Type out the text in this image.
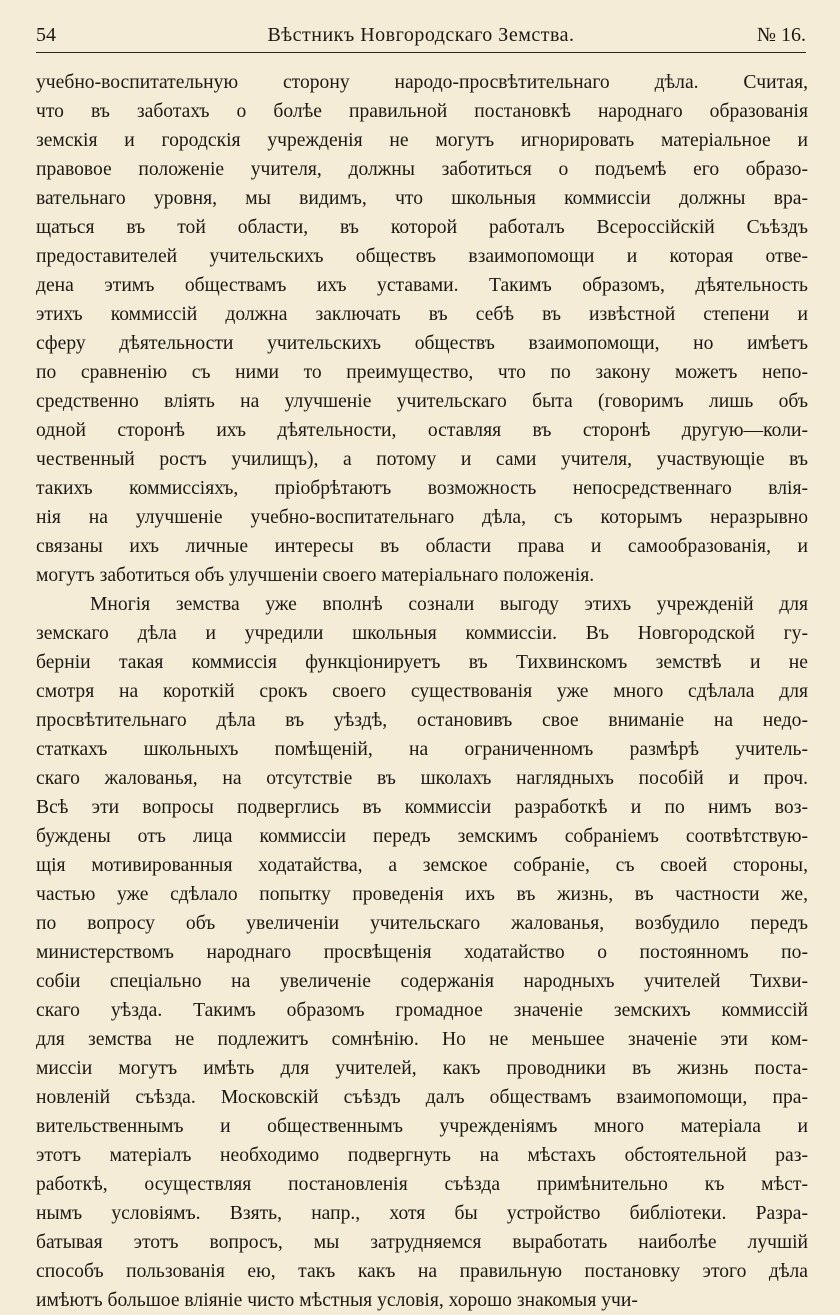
54	Вѣстникъ Новгородскаго Земства.	№ 16.
учебно-воспитательную сторону народо-просвѣтительнаго дѣла. Считая,
что въ заботахъ о болѣе правильной постановкѣ народнаго образованія
земскія и городскія учрежденія не могутъ игнорировать матеріальное и
правовое положеніе учителя, должны заботиться о подъемѣ его образо-
вательнаго уровня, мы видимъ, что школьныя коммиссіи должны вра-
щаться въ той области, въ которой работалъ Всероссійскій Съѣздъ
предоставителей учительскихъ обществъ взаимопомощи и которая отве-
дена этимъ обществамъ ихъ уставами. Такимъ образомъ, дѣятельность
этихъ коммиссій должна заключать въ себѣ въ извѣстной степени и
сферу дѣятельности учительскихъ обществъ взаимопомощи, но имѣетъ
по сравненію съ ними то преимущество, что по закону можетъ непо-
средственно вліять на улучшеніе учительскаго быта (говоримъ лишь объ
одной сторонѣ ихъ дѣятельности, оставляя въ сторонѣ другую—коли-
чественный ростъ училищъ), а потому и сами учителя, участвующіе въ
такихъ коммиссіяхъ, пріобрѣтаютъ возможность непосредственнаго влія-
нія на улучшеніе учебно-воспитательнаго дѣла, съ которымъ неразрывно
связаны ихъ личные интересы въ области права и самообразованія, и
могутъ заботиться объ улучшеніи своего матеріальнаго положенія.
Многія земства уже вполнѣ сознали выгоду этихъ учрежденій для
земскаго дѣла и учредили школьныя коммиссіи. Въ Новгородской гу-
берніи такая коммиссія функціонируетъ въ Тихвинскомъ земствѣ и не
смотря на короткій срокъ своего существованія уже много сдѣлала для
просвѣтительнаго дѣла въ уѣздѣ, остановивъ свое вниманіе на недо-
статкахъ школьныхъ помѣщеній, на ограниченномъ размѣрѣ учитель-
скаго жалованья, на отсутствіе въ школахъ наглядныхъ пособій и проч.
Всѣ эти вопросы подверглись въ коммиссіи разработкѣ и по нимъ воз-
буждены отъ лица коммиссіи передъ земскимъ собраніемъ соотвѣтствую-
щія мотивированныя ходатайства, а земское собраніе, съ своей стороны,
частью уже сдѣлало попытку проведенія ихъ въ жизнь, въ частности же,
по вопросу объ увеличеніи учительскаго жалованья, возбудило передъ
министерствомъ народнаго просвѣщенія ходатайство о постоянномъ по-
собіи спеціально на увеличеніе содержанія народныхъ учителей Тихви-
скаго уѣзда. Такимъ образомъ громадное значеніе земскихъ коммиссій
для земства не подлежитъ сомнѣнію. Но не меньшее значеніе эти ком-
миссіи могутъ имѣть для учителей, какъ проводники въ жизнь поста-
новленій съѣзда. Московскій съѣздъ далъ обществамъ взаимопомощи, пра-
вительственнымъ и общественнымъ учрежденіямъ много матеріала и
этотъ матеріалъ необходимо подвергнуть на мѣстахъ обстоятельной раз-
работкѣ, осуществляя постановленія съѣзда примѣнительно къ мѣст-
нымъ условіямъ. Взять, напр., хотя бы устройство библіотеки. Разра-
батывая этотъ вопросъ, мы затрудняемся выработать наиболѣе лучшій
способъ пользованія ею, такъ какъ на правильную постановку этого дѣла
имѣютъ большое вліяніе чисто мѣстныя условія, хорошо знакомыя учи-
